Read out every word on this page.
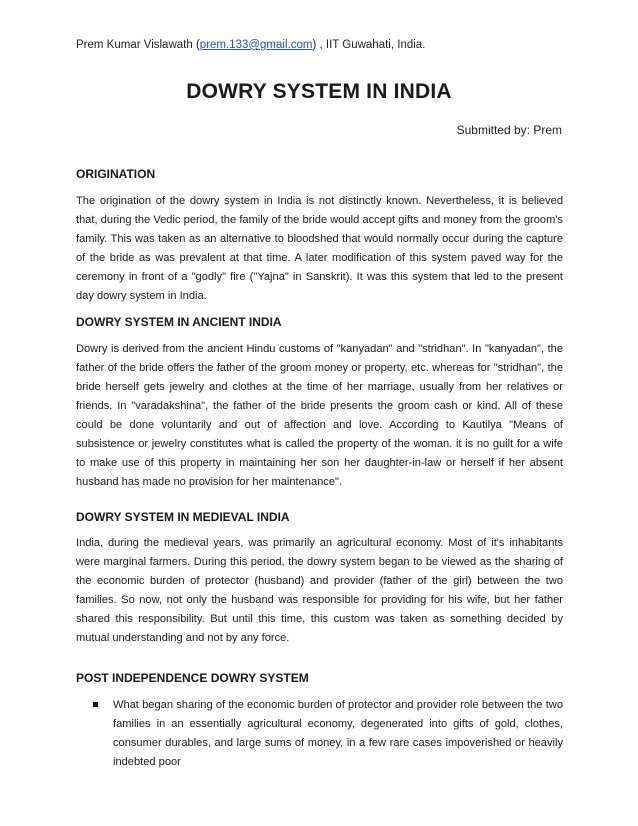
Prem Kumar Vislawath (prem.133@gmail.com) , IIT Guwahati, India.
DOWRY SYSTEM IN INDIA
Submitted by: Prem
ORIGINATION

The origination of the dowry system in India is not distinctly known. Nevertheless, it is believed that, during the Vedic period, the family of the bride would accept gifts and money from the groom's family. This was taken as an alternative to bloodshed that would normally occur during the capture of the bride as was prevalent at that time. A later modification of this system paved way for the ceremony in front of a "godly" fire ("Yajna" in Sanskrit). It was this system that led to the present day dowry system in India.

DOWRY SYSTEM IN ANCIENT INDIA

Dowry is derived from the ancient Hindu customs of "kanyadan" and "stridhan". In "kanyadan", the father of the bride offers the father of the groom money or property, etc. whereas for "stridhan", the bride herself gets jewelry and clothes at the time of her marriage, usually from her relatives or friends. In "varadakshina", the father of the bride presents the groom cash or kind. All of these could be done voluntarily and out of affection and love. According to Kautilya "Means of subsistence or jewelry constitutes what is called the property of the woman. it is no guilt for a wife to make use of this property in maintaining her son her daughter-in-law or herself if her absent husband has made no provision for her maintenance".

DOWRY SYSTEM IN MEDIEVAL INDIA

India, during the medieval years, was primarily an agricultural economy. Most of it's inhabitants were marginal farmers. During this period, the dowry system began to be viewed as the sharing of the economic burden of protector (husband) and provider (father of the girl) between the two families. So now, not only the husband was responsible for providing for his wife, but her father shared this responsibility. But until this time, this custom was taken as something decided by mutual understanding and not by any force.

POST INDEPENDENCE DOWRY SYSTEM

What began sharing of the economic burden of protector and provider role between the two families in an essentially agricultural economy, degenerated into gifts of gold, clothes, consumer durables, and large sums of money, in a few rare cases impoverished or heavily indebted poor
